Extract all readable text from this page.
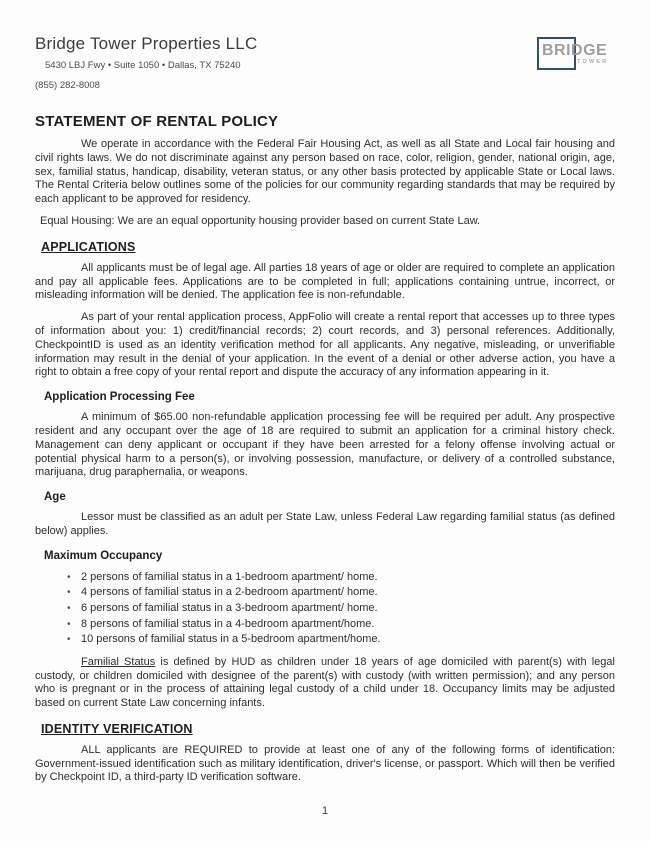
Bridge Tower Properties LLC
5430 LBJ Fwy • Suite 1050 • Dallas, TX 75240
(855) 282-8008
BRIDGE
TOWER
STATEMENT OF RENTAL POLICY

We operate in accordance with the Federal Fair Housing Act, as well as all State and Local fair housing and civil rights laws. We do not discriminate against any person based on race, color, religion, gender, national origin, age, sex, familial status, handicap, disability, veteran status, or any other basis protected by applicable State or Local laws. The Rental Criteria below outlines some of the policies for our community regarding standards that may be required by each applicant to be approved for residency.

Equal Housing: We are an equal opportunity housing provider based on current State Law.

APPLICATIONS

All applicants must be of legal age. All parties 18 years of age or older are required to complete an application and pay all applicable fees. Applications are to be completed in full; applications containing untrue, incorrect, or misleading information will be denied. The application fee is non-refundable.

As part of your rental application process, AppFolio will create a rental report that accesses up to three types of information about you: 1) credit/financial records; 2) court records, and 3) personal references. Additionally, CheckpointID is used as an identity verification method for all applicants. Any negative, misleading, or unverifiable information may result in the denial of your application. In the event of a denial or other adverse action, you have a right to obtain a free copy of your rental report and dispute the accuracy of any information appearing in it.

Application Processing Fee

A minimum of $65.00 non-refundable application processing fee will be required per adult. Any prospective resident and any occupant over the age of 18 are required to submit an application for a criminal history check. Management can deny applicant or occupant if they have been arrested for a felony offense involving actual or potential physical harm to a person(s), or involving possession, manufacture, or delivery of a controlled substance, marijuana, drug paraphernalia, or weapons.

Age

Lessor must be classified as an adult per State Law, unless Federal Law regarding familial status (as defined below) applies.

Maximum Occupancy
• 2 persons of familial status in a 1-bedroom apartment/ home.
• 4 persons of familial status in a 2-bedroom apartment/ home.
• 6 persons of familial status in a 3-bedroom apartment/ home.
• 8 persons of familial status in a 4-bedroom apartment/home.
• 10 persons of familial status in a 5-bedroom apartment/home.

Familial Status is defined by HUD as children under 18 years of age domiciled with parent(s) with legal custody, or children domiciled with designee of the parent(s) with custody (with written permission); and any person who is pregnant or in the process of attaining legal custody of a child under 18. Occupancy limits may be adjusted based on current State Law concerning infants.

IDENTITY VERIFICATION

ALL applicants are REQUIRED to provide at least one of any of the following forms of identification: Government-issued identification such as military identification, driver's license, or passport. Which will then be verified by Checkpoint ID, a third-party ID verification software.

1
